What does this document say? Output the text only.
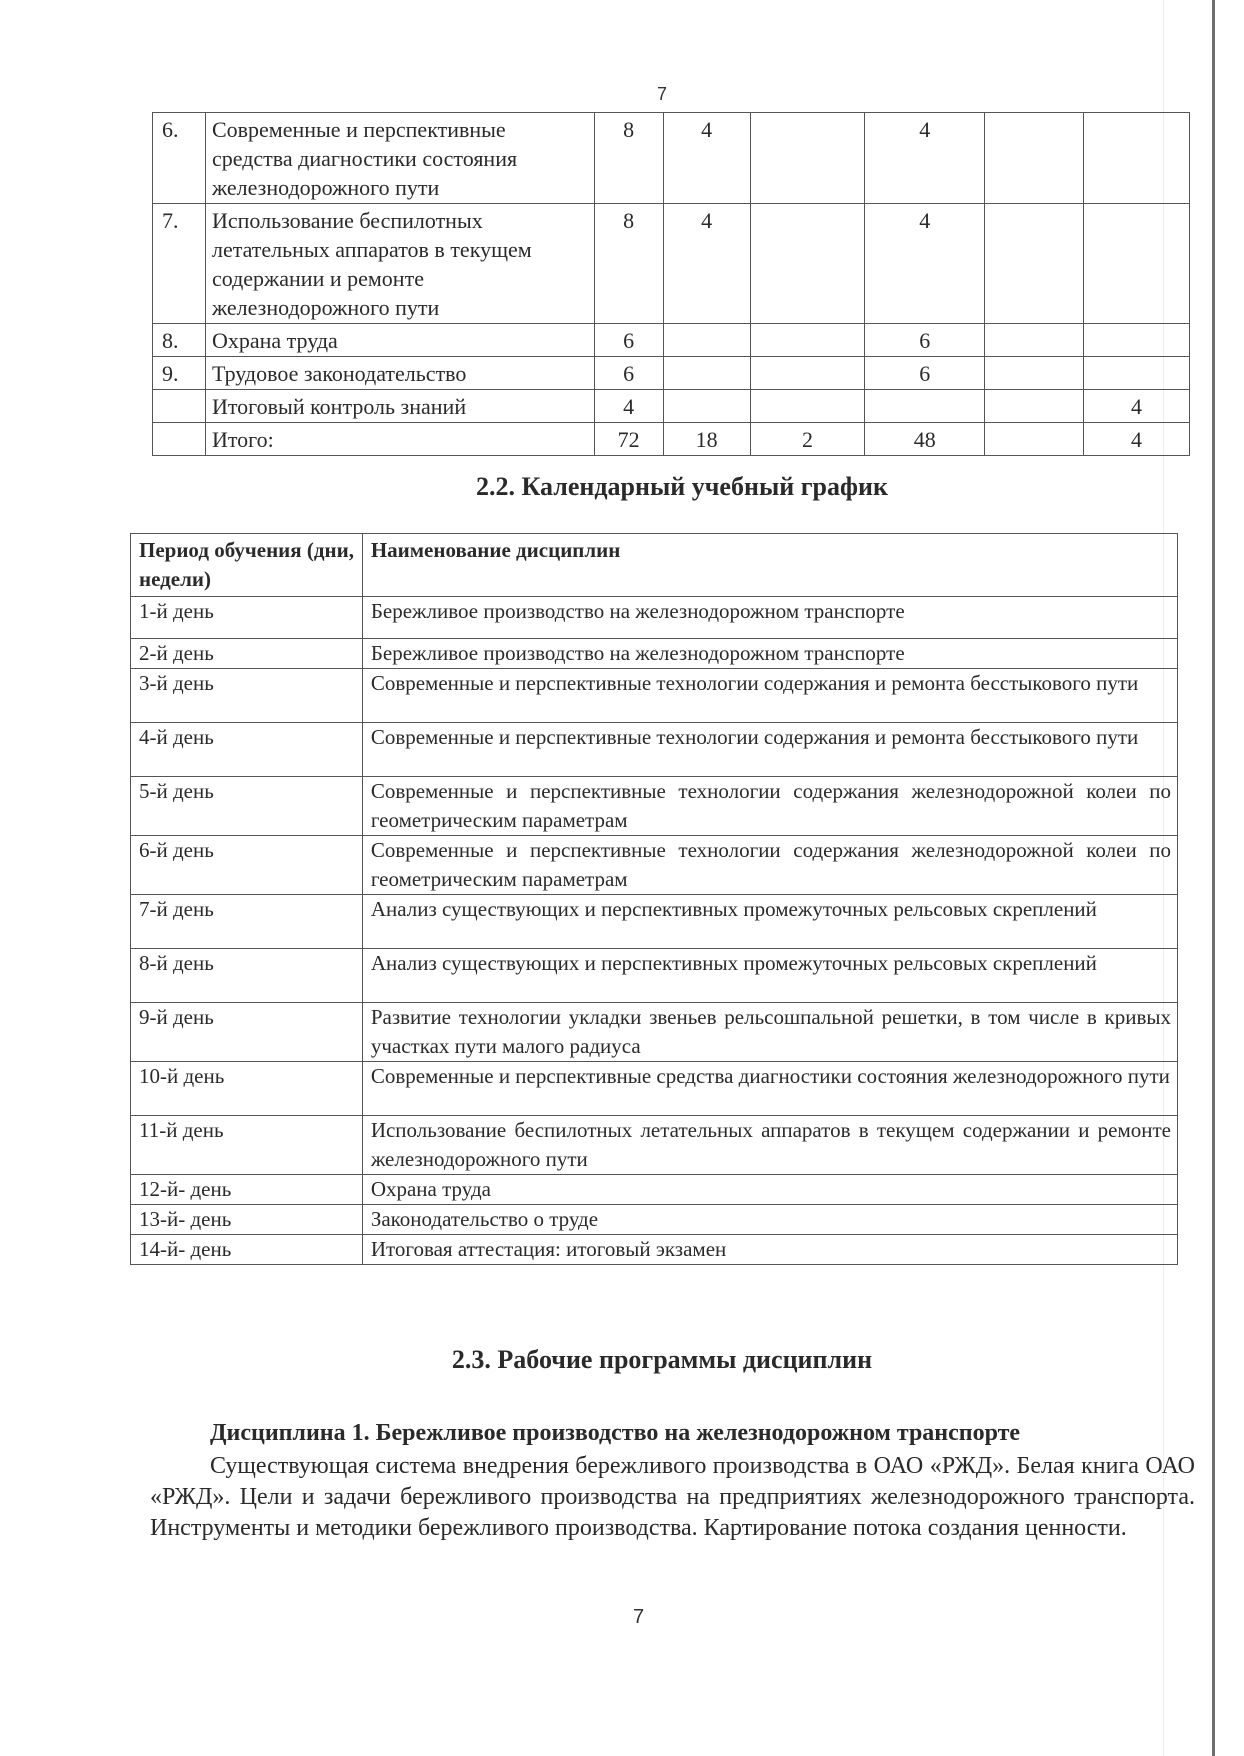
7
6.	Современные и перспективные средства диагностики состояния железнодорожного пути	8	4		4		
7.	Использование беспилотных летательных аппаратов в текущем содержании и ремонте железнодорожного пути	8	4		4		
8.	Охрана труда	6			6		
9.	Трудовое законодательство	6			6		
	Итоговый контроль знаний	4					4
	Итого:	72	18	2	48		4
2.2. Календарный учебный график
Период обучения (дни, недели)	Наименование дисциплин
1-й день	Бережливое производство на железнодорожном транспорте
2-й день	Бережливое производство на железнодорожном транспорте
3-й день	Современные и перспективные технологии содержания и ремонта бесстыкового пути
4-й день	Современные и перспективные технологии содержания и ремонта бесстыкового пути
5-й день	Современные и перспективные технологии содержания железнодорожной колеи по геометрическим параметрам
6-й день	Современные и перспективные технологии содержания железнодорожной колеи по геометрическим параметрам
7-й день	Анализ существующих и перспективных промежуточных рельсовых скреплений
8-й день	Анализ существующих и перспективных промежуточных рельсовых скреплений
9-й день	Развитие технологии укладки звеньев рельсошпальной решетки, в том числе в кривых участках пути малого радиуса
10-й день	Современные и перспективные средства диагностики состояния железнодорожного пути
11-й день	Использование беспилотных летательных аппаратов в текущем содержании и ремонте железнодорожного пути
12-й- день	Охрана труда
13-й- день	Законодательство о труде
14-й- день	Итоговая аттестация: итоговый экзамен
2.3. Рабочие программы дисциплин
Дисциплина 1. Бережливое производство на железнодорожном транспорте
Существующая система внедрения бережливого производства в ОАО «РЖД». Белая книга ОАО «РЖД». Цели и задачи бережливого производства на предприятиях железнодорожного транспорта. Инструменты и методики бережливого производства. Картирование потока создания ценности.
7
